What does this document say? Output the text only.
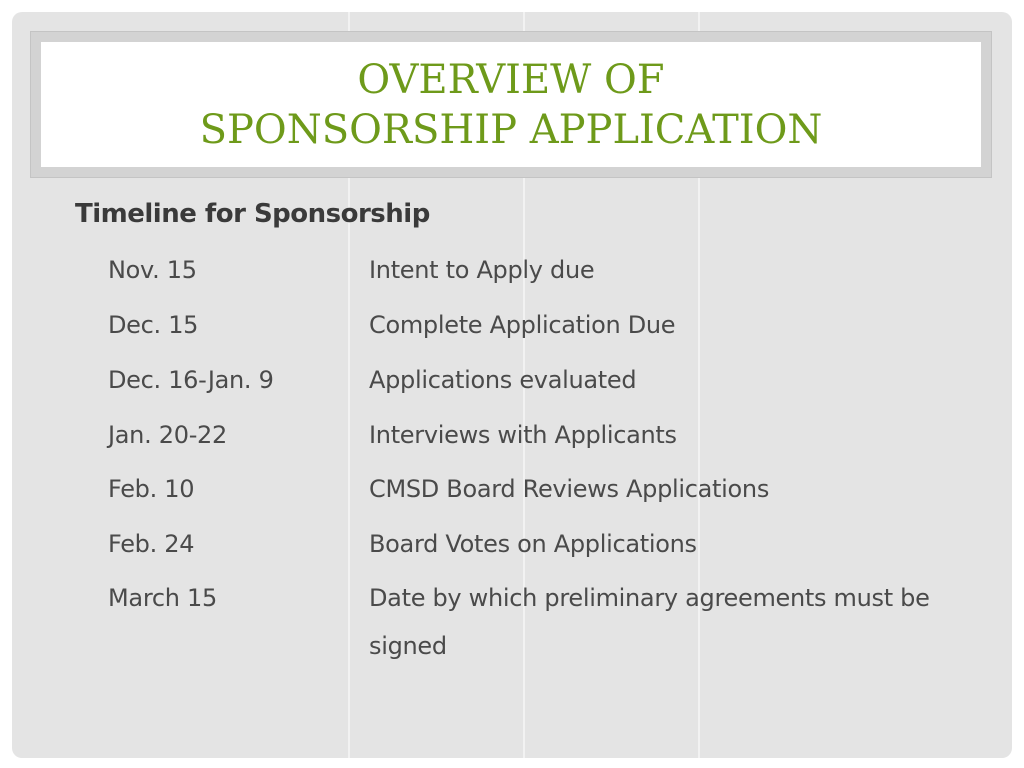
OVERVIEW OF
SPONSORSHIP APPLICATION
Timeline for Sponsorship
Nov. 15	Intent to Apply due
Dec. 15	Complete Application Due
Dec. 16-Jan. 9	Applications evaluated
Jan. 20-22	Interviews with Applicants
Feb. 10	CMSD Board Reviews Applications
Feb. 24	Board Votes on Applications
March 15	Date by which preliminary agreements must be signed
